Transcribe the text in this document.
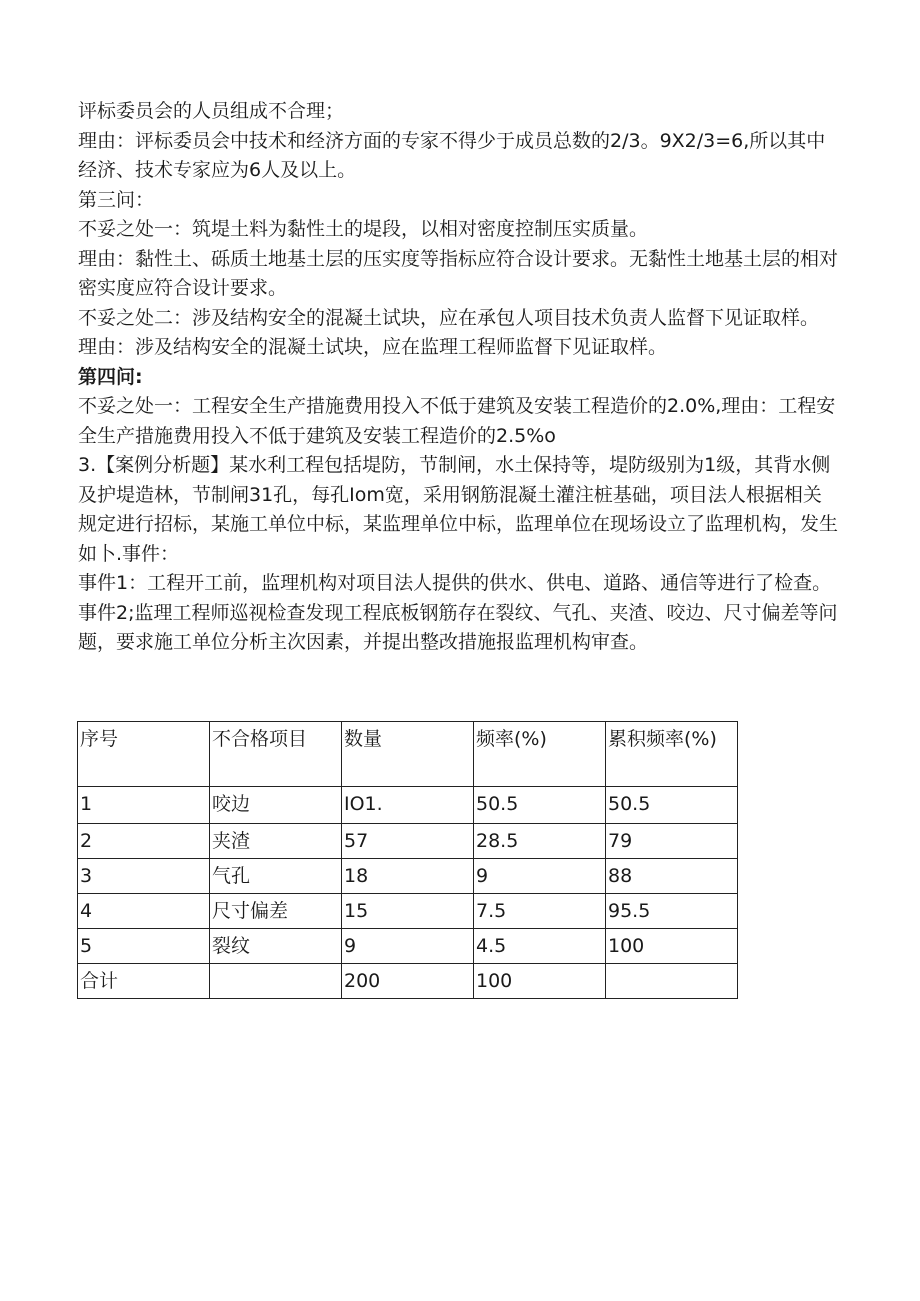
评标委员会的人员组成不合理；

理由：评标委员会中技术和经济方面的专家不得少于成员总数的2/3。9X2/3=6,所以其中经济、技术专家应为6人及以上。

第三问：

不妥之处一：筑堤土料为黏性土的堤段，以相对密度控制压实质量。

理由：黏性土、砾质土地基土层的压实度等指标应符合设计要求。无黏性土地基土层的相对密实度应符合设计要求。

不妥之处二：涉及结构安全的混凝土试块，应在承包人项目技术负责人监督下见证取样。

理由：涉及结构安全的混凝土试块，应在监理工程师监督下见证取样。

第四问:

不妥之处一：工程安全生产措施费用投入不低于建筑及安装工程造价的2.0%,理由：工程安全生产措施费用投入不低于建筑及安装工程造价的2.5%o

3.【案例分析题】某水利工程包括堤防，节制闸，水土保持等，堤防级别为1级，其背水侧及护堤造林，节制闸31孔，每孔Iom宽，采用钢筋混凝土灌注桩基础，项目法人根据相关规定进行招标，某施工单位中标，某监理单位中标，监理单位在现场设立了监理机构，发生如卜.事件：

事件1：工程开工前，监理机构对项目法人提供的供水、供电、道路、通信等进行了检查。

事件2;监理工程师巡视检查发现工程底板钢筋存在裂纹、气孔、夹渣、咬边、尺寸偏差等问题，要求施工单位分析主次因素，并提出整改措施报监理机构审查。

序号	不合格项目	数量	频率(%)	累积频率(%)
1	咬边	IO1.	50.5	50.5
2	夹渣	57	28.5	79
3	气孔	18	9	88
4	尺寸偏差	15	7.5	95.5
5	裂纹	9	4.5	100
合计		200	100	
